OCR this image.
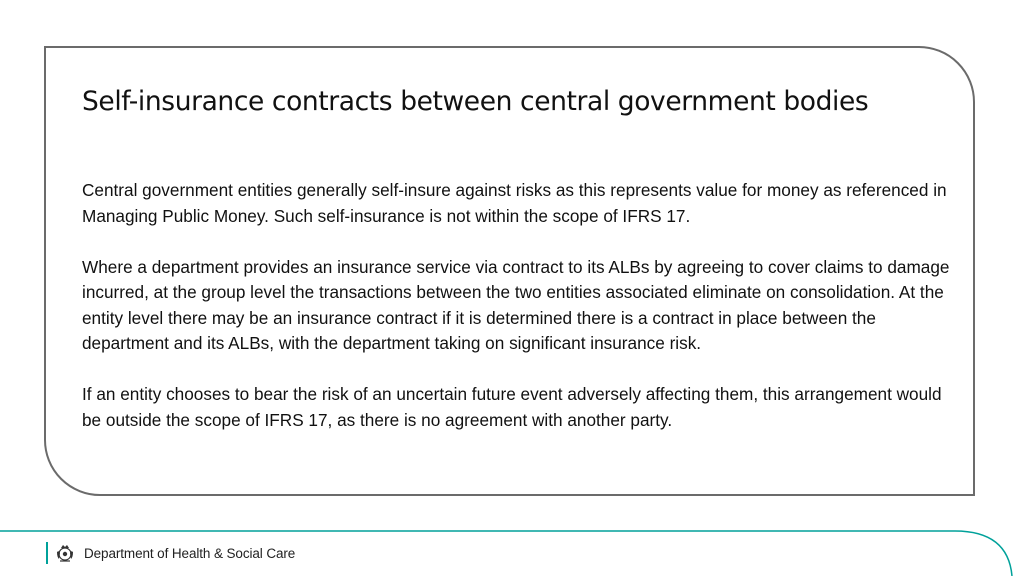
Self-insurance contracts between central government bodies

Central government entities generally self-insure against risks as this represents value for money as referenced in Managing Public Money. Such self-insurance is not within the scope of IFRS 17.

Where a department provides an insurance service via contract to its ALBs by agreeing to cover claims to damage incurred, at the group level the transactions between the two entities associated eliminate on consolidation. At the entity level there may be an insurance contract if it is determined there is a contract in place between the department and its ALBs, with the department taking on significant insurance risk.

If an entity chooses to bear the risk of an uncertain future event adversely affecting them, this arrangement would be outside the scope of IFRS 17, as there is no agreement with another party.

Department of Health & Social Care
